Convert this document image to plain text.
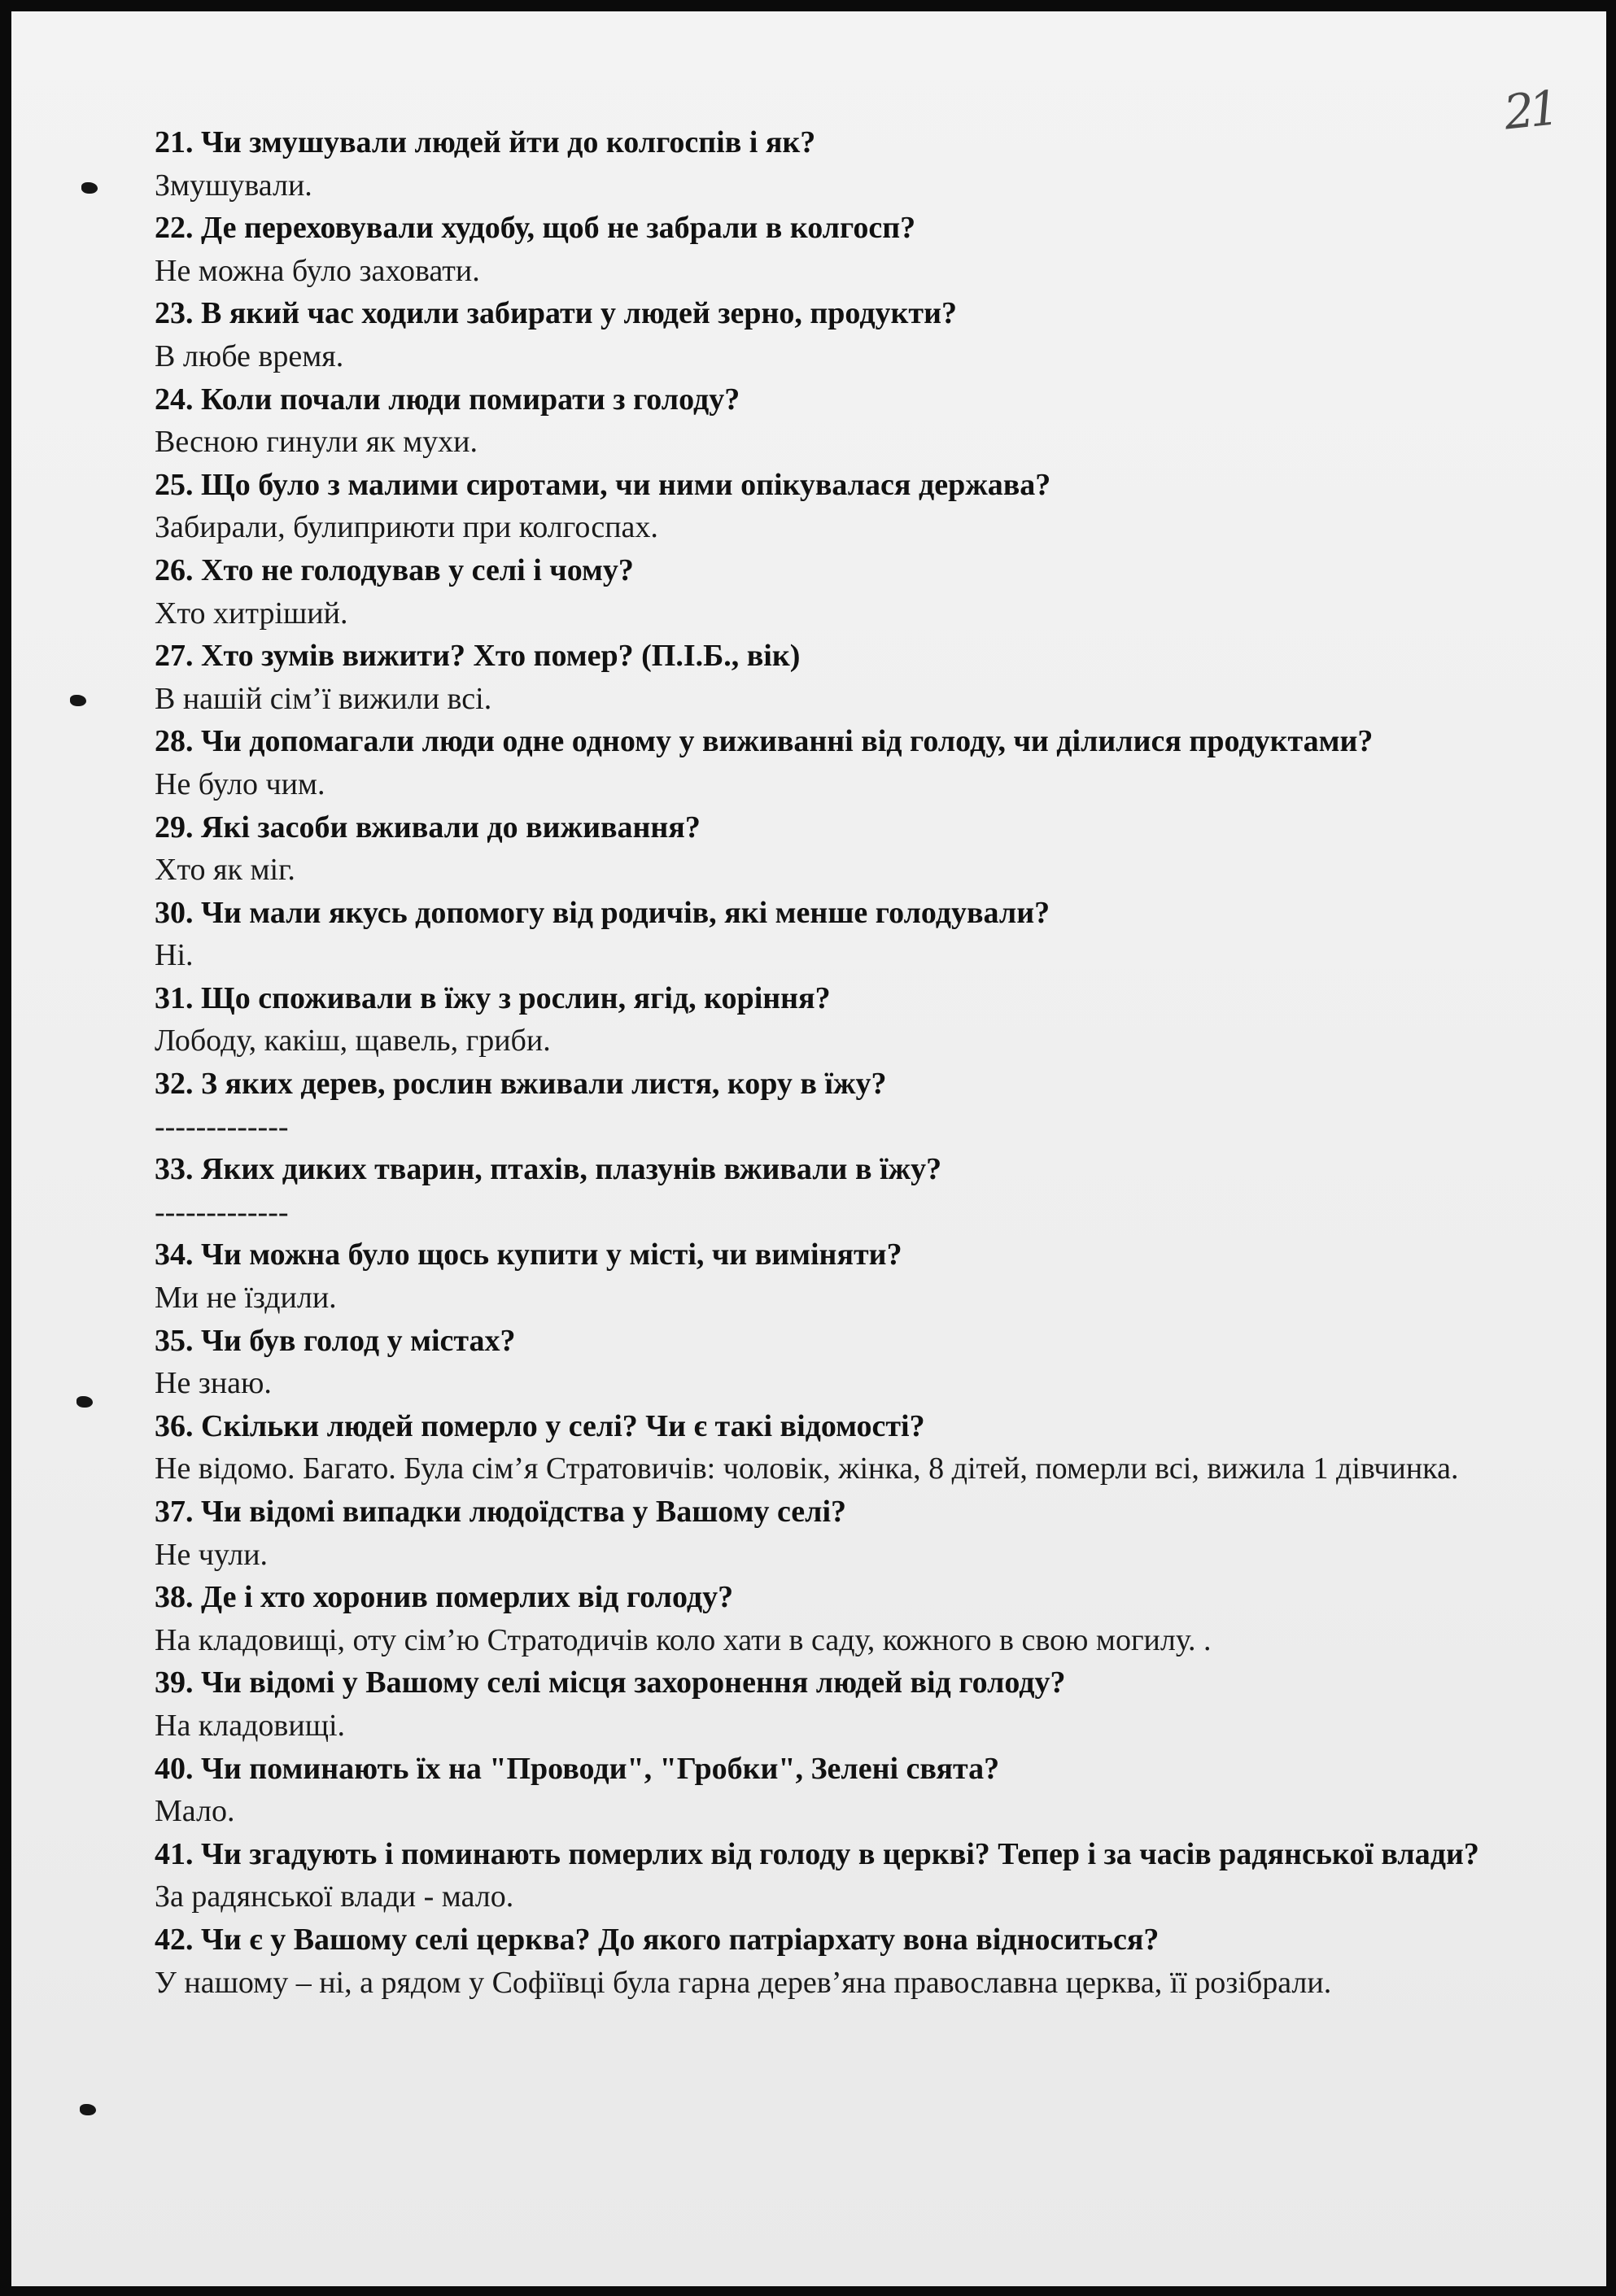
21

21. Чи змушували людей йти до колгоспів і як?

Змушували.

22. Де переховували худобу, щоб не забрали в колгосп?

Не можна було заховати.

23. В який час ходили забирати у людей зерно, продукти?

В любе время.

24. Коли почали люди помирати з голоду?

Весною гинули як мухи.

25. Що було з малими сиротами, чи ними опікувалася держава?

Забирали, булиприюти при колгоспах.

26. Хто не голодував у селі і чому?

Хто хитріший.

27. Хто зумів вижити? Хто помер? (П.І.Б., вік)

В нашій сім’ї вижили всі.

28. Чи допомагали люди одне одному у виживанні від голоду, чи ділилися продуктами?

Не було чим.

29. Які засоби вживали до виживання?

Хто як міг.

30. Чи мали якусь допомогу від родичів, які менше голодували?

Ні.

31. Що споживали в їжу з рослин, ягід, коріння?

Лободу, какіш, щавель, гриби.

32. З яких дерев, рослин вживали листя, кору в їжу?

-------------

33. Яких диких тварин, птахів, плазунів вживали в їжу?

-------------

34. Чи можна було щось купити у місті, чи виміняти?

Ми не їздили.

35. Чи був голод у містах?

Не знаю.

36. Скільки людей померло у селі? Чи є такі відомості?

Не відомо. Багато. Була сім’я Стратовичів: чоловік, жінка, 8 дітей, померли всі, вижила 1 дівчинка.

37. Чи відомі випадки людоїдства у Вашому селі?

Не чули.

38. Де і хто хоронив померлих від голоду?

На кладовищі, оту сім’ю Стратодичів коло хати в саду, кожного в свою могилу. .

39. Чи відомі у Вашому селі місця захоронення людей від голоду?

На кладовищі.

40. Чи поминають їх на "Проводи", "Гробки", Зелені свята?

Мало.

41. Чи згадують і поминають померлих від голоду в церкві? Тепер і за часів радянської влади?

За радянської влади - мало.

42. Чи є у Вашому селі церква? До якого патріархату вона відноситься?

У нашому – ні, а рядом у Софіївці була гарна дерев’яна православна церква, її розібрали.
